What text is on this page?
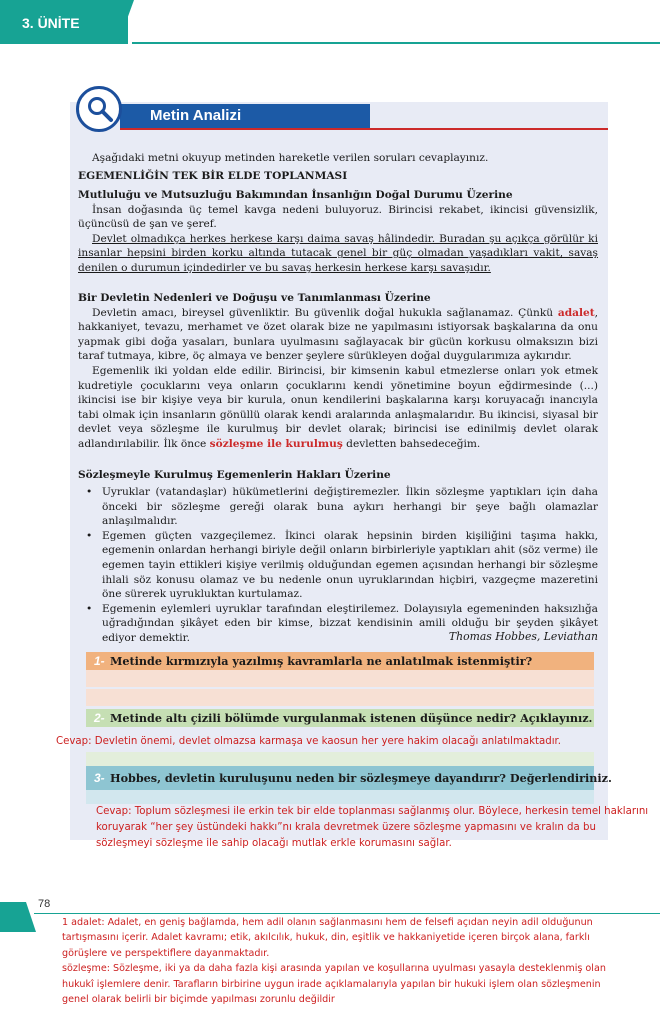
3. ÜNİTE
Metin Analizi
Aşağıdaki metni okuyup metinden hareketle verilen soruları cevaplayınız.
EGEMENLİĞİN TEK BİR ELDE TOPLANMASI
Mutluluğu ve Mutsuzluğu Bakımından İnsanlığın Doğal Durumu Üzerine

İnsan doğasında üç temel kavga nedeni buluyoruz. Birincisi rekabet, ikincisi güvensizlik, üçüncüsü de şan ve şeref.

Devlet olmadıkça herkes herkese karşı daima savaş hâlindedir. Buradan şu açıkça görülür ki insanlar hepsini birden korku altında tutacak genel bir güç olmadan yaşadıkları vakit, savaş denilen o durumun içindedirler ve bu savaş herkesin herkese karşı savaşıdır.

Bir Devletin Nedenleri ve Doğuşu ve Tanımlanması Üzerine

Devletin amacı, bireysel güvenliktir. Bu güvenlik doğal hukukla sağlanamaz. Çünkü adalet, hakkaniyet, tevazu, merhamet ve özet olarak bize ne yapılmasını istiyorsak başkalarına da onu yapmak gibi doğa yasaları, bunlara uyulmasını sağlayacak bir gücün korkusu olmaksızın bizi taraf tutmaya, kibre, öç almaya ve benzer şeylere sürükleyen doğal duygularımıza aykırıdır.

Egemenlik iki yoldan elde edilir. Birincisi, bir kimsenin kabul etmezlerse onları yok etmek kudretiyle çocuklarını veya onların çocuklarını kendi yönetimine boyun eğdirmesinde (...) ikincisi ise bir kişiye veya bir kurula, onun kendilerini başkalarına karşı koruyacağı inancıyla tabi olmak için insanların gönüllü olarak kendi aralarında anlaşmalarıdır. Bu ikincisi, siyasal bir devlet veya sözleşme ile kurulmuş bir devlet olarak; birincisi ise edinilmiş devlet olarak adlandırılabilir. İlk önce sözleşme ile kurulmuş devletten bahsedeceğim.

Sözleşmeyle Kurulmuş Egemenlerin Hakları Üzerine
• Uyruklar (vatandaşlar) hükümetlerini değiştiremezler. İlkin sözleşme yaptıkları için daha önceki bir sözleşme gereği olarak buna aykırı herhangi bir şeye bağlı olamazlar anlaşılmalıdır.
• Egemen güçten vazgeçilemez. İkinci olarak hepsinin birden kişiliğini taşıma hakkı, egemenin onlardan herhangi biriyle değil onların birbirleriyle yaptıkları ahit (söz verme) ile egemen tayin ettikleri kişiye verilmiş olduğundan egemen açısından herhangi bir sözleşme ihlali söz konusu olamaz ve bu nedenle onun uyruklarından hiçbiri, vazgeçme mazeretini öne sürerek uyrukluktan kurtulamaz.
• Egemenin eylemleri uyruklar tarafından eleştirilemez. Dolayısıyla egemeninden haksızlığa uğradığından şikâyet eden bir kimse, bizzat kendisinin amili olduğu bir şeyden şikâyet ediyor demektir.	Thomas Hobbes, Leviathan
1- Metinde kırmızıyla yazılmış kavramlarla ne anlatılmak istenmiştir?
2- Metinde altı çizili bölümde vurgulanmak istenen düşünce nedir? Açıklayınız.
Cevap: Devletin önemi, devlet olmazsa karmaşa ve kaosun her yere hakim olacağı anlatılmaktadır.
3- Hobbes, devletin kuruluşunu neden bir sözleşmeye dayandırır? Değerlendiriniz.
Cevap: Toplum sözleşmesi ile erkin tek bir elde toplanması sağlanmış olur. Böylece, herkesin temel haklarını
koruyarak “her şey üstündeki hakkı”nı krala devretmek üzere sözleşme yapmasını ve kralın da bu
sözleşmeyi sözleşme ile sahip olacağı mutlak erkle korumasını sağlar.
78

1 adalet: Adalet, en geniş bağlamda, hem adil olanın sağlanmasını hem de felsefi açıdan neyin adil olduğunun

tartışmasını içerir. Adalet kavramı; etik, akılcılık, hukuk, din, eşitlik ve hakkaniyetide içeren birçok alana, farklı

görüşlere ve perspektiflere dayanmaktadır.

sözleşme: Sözleşme, iki ya da daha fazla kişi arasında yapılan ve koşullarına uyulması yasayla desteklenmiş olan

hukukî işlemlere denir. Tarafların birbirine uygun irade açıklamalarıyla yapılan bir hukuki işlem olan sözleşmenin

genel olarak belirli bir biçimde yapılması zorunlu değildir
